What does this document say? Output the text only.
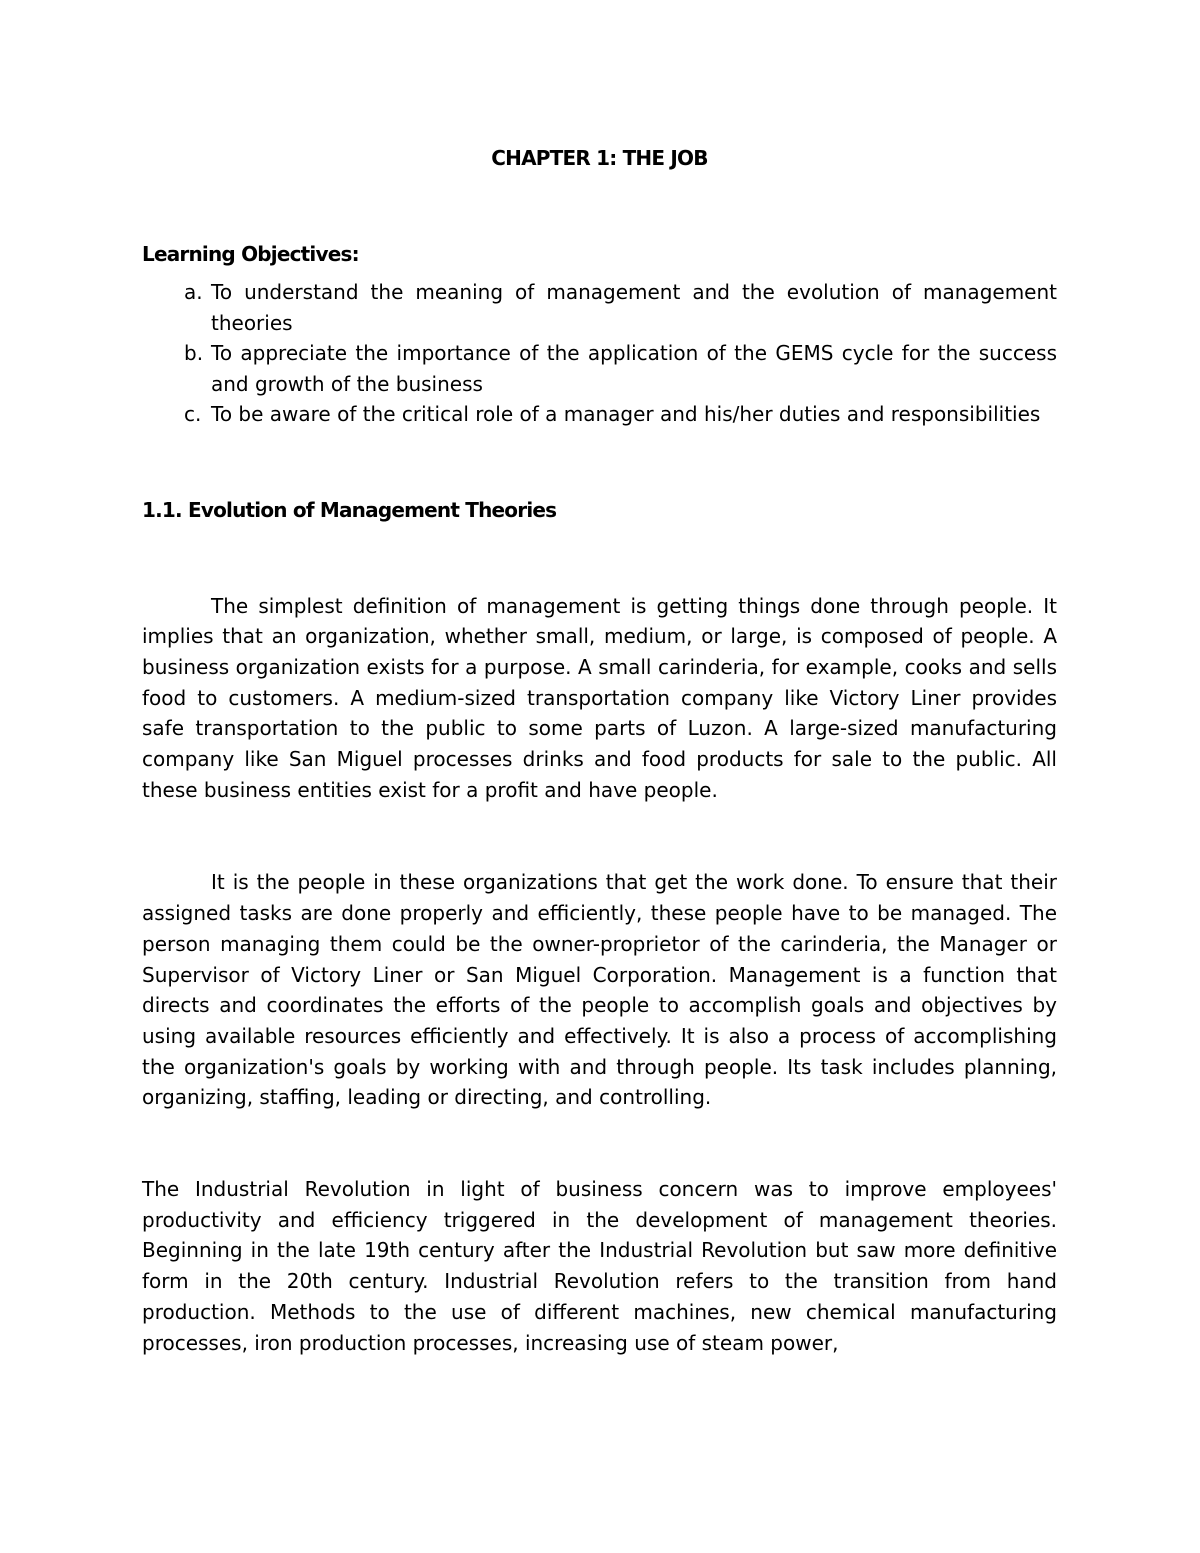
CHAPTER 1: THE JOB
Learning Objectives:
a. To understand the meaning of management and the evolution of management theories
b. To appreciate the importance of the application of the GEMS cycle for the success and growth of the business
c. To be aware of the critical role of a manager and his/her duties and responsibilities
1.1. Evolution of Management Theories

The simplest definition of management is getting things done through people. It implies that an organization, whether small, medium, or large, is composed of people. A business organization exists for a purpose. A small carinderia, for example, cooks and sells food to customers. A medium-sized transportation company like Victory Liner provides safe transportation to the public to some parts of Luzon. A large-sized manufacturing company like San Miguel processes drinks and food products for sale to the public. All these business entities exist for a profit and have people.

It is the people in these organizations that get the work done. To ensure that their assigned tasks are done properly and efficiently, these people have to be managed. The person managing them could be the owner-proprietor of the carinderia, the Manager or Supervisor of Victory Liner or San Miguel Corporation. Management is a function that directs and coordinates the efforts of the people to accomplish goals and objectives by using available resources efficiently and effectively. It is also a process of accomplishing the organization's goals by working with and through people. Its task includes planning, organizing, staffing, leading or directing, and controlling.

The Industrial Revolution in light of business concern was to improve employees' productivity and efficiency triggered in the development of management theories. Beginning in the late 19th century after the Industrial Revolution but saw more definitive form in the 20th century. Industrial Revolution refers to the transition from hand production. Methods to the use of different machines, new chemical manufacturing processes, iron production processes, increasing use of steam power,
